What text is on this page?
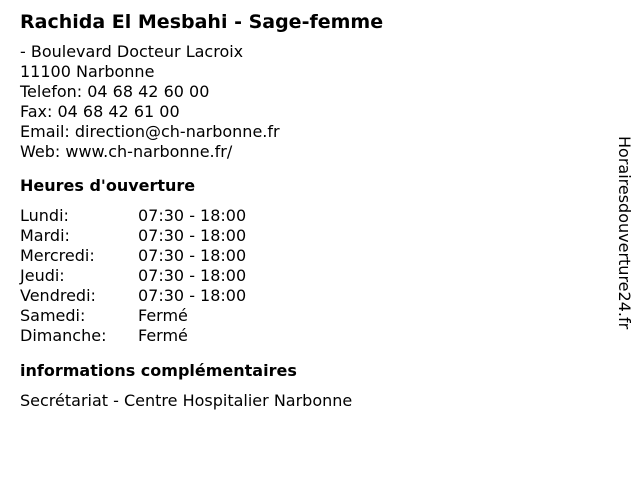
Rachida El Mesbahi - Sage-femme
- Boulevard Docteur Lacroix
11100 Narbonne
Telefon: 04 68 42 60 00
Fax: 04 68 42 61 00
Email: direction@ch-narbonne.fr
Web: www.ch-narbonne.fr/
Heures d'ouverture
Lundi:	07:30 - 18:00
Mardi:	07:30 - 18:00
Mercredi:	07:30 - 18:00
Jeudi:	07:30 - 18:00
Vendredi:	07:30 - 18:00
Samedi:	Fermé
Dimanche:	Fermé
informations complémentaires
Secrétariat - Centre Hospitalier Narbonne
Horairesdouverture24.fr
